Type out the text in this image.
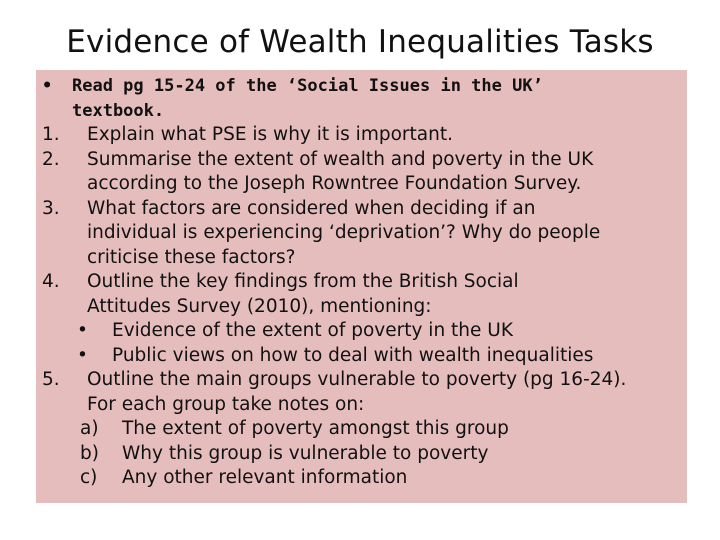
Evidence of Wealth Inequalities Tasks
•	Read pg 15-24 of the ‘Social Issues in the UK’
textbook.
1.	Explain what PSE is why it is important.
2.	Summarise the extent of wealth and poverty in the UK
according to the Joseph Rowntree Foundation Survey.
3.	What factors are considered when deciding if an
individual is experiencing ‘deprivation’? Why do people
criticise these factors?
4.	Outline the key findings from the British Social
Attitudes Survey (2010), mentioning:
•	Evidence of the extent of poverty in the UK
•	Public views on how to deal with wealth inequalities
5.	Outline the main groups vulnerable to poverty (pg 16-24).
For each group take notes on:
a)	The extent of poverty amongst this group
b)	Why this group is vulnerable to poverty
c)	Any other relevant information
